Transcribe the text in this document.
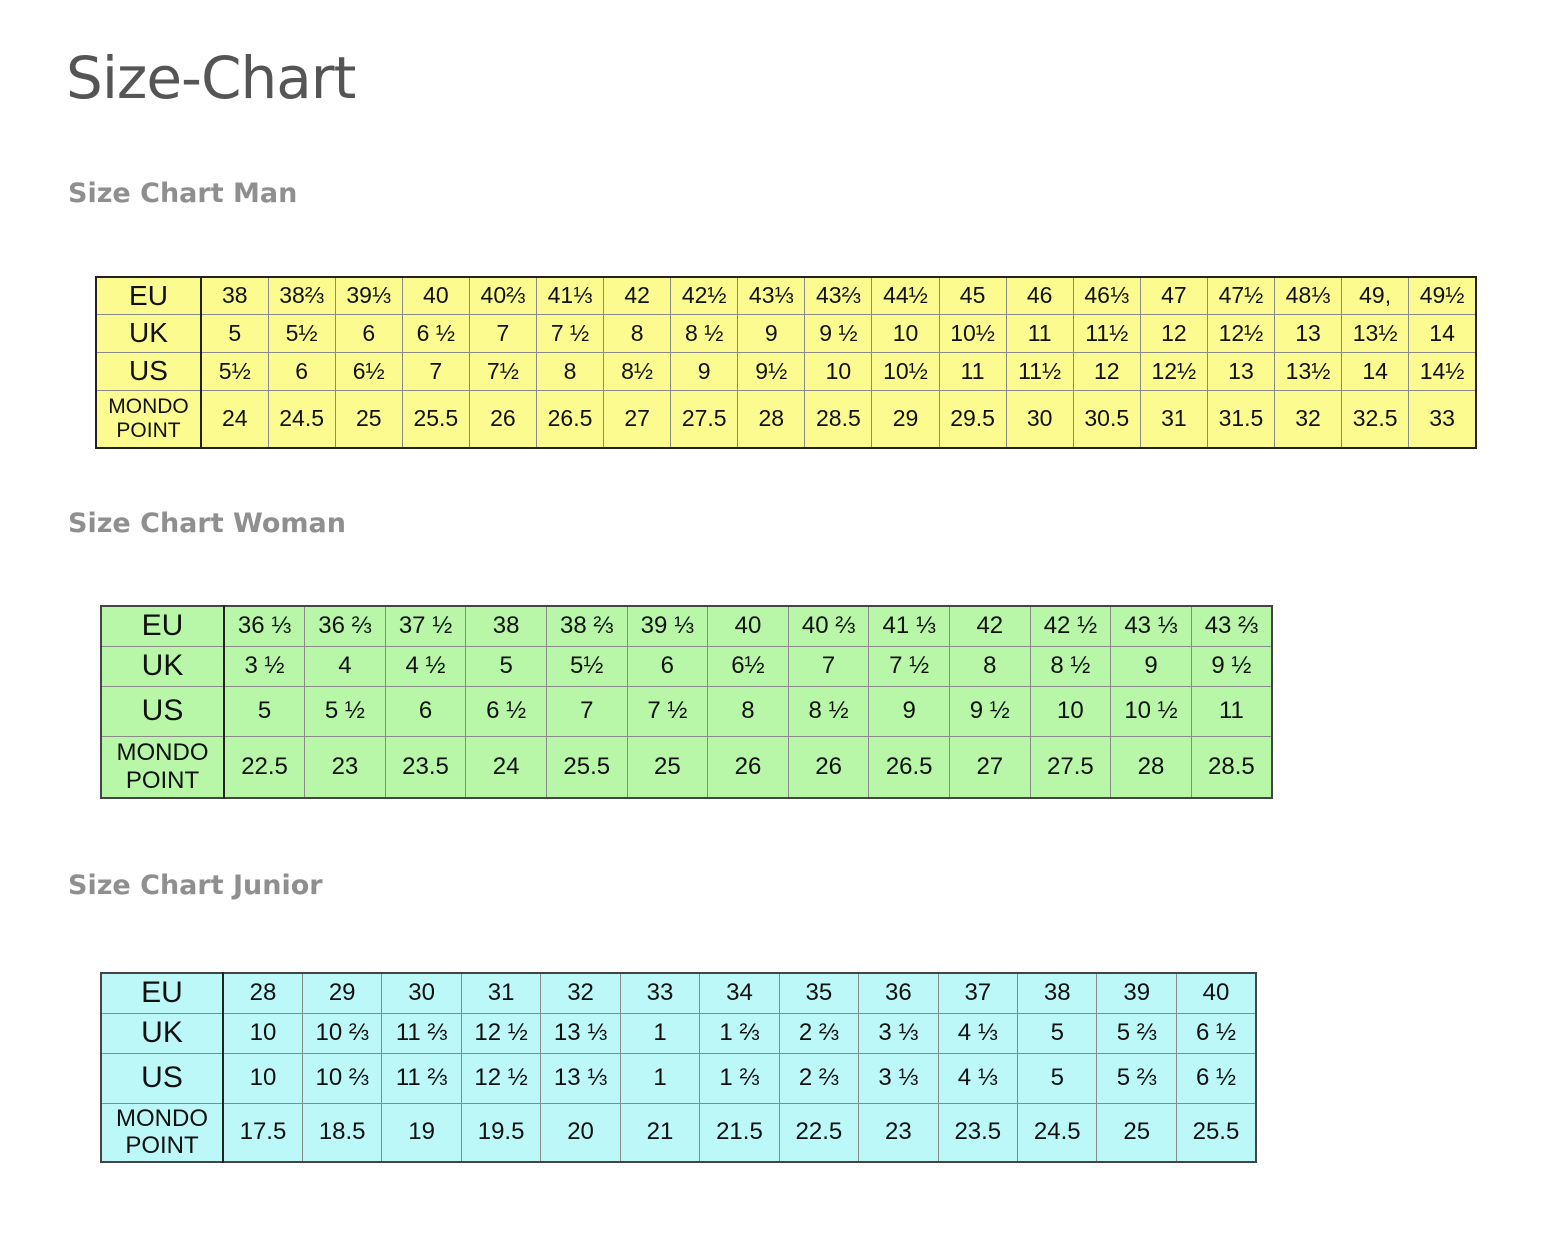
Size-Chart
Size Chart Man
EU	38	38⅔	39⅓	40	40⅔	41⅓	42	42½	43⅓	43⅔	44½	45	46	46⅓	47	47½	48⅓	49,	49½
UK	5	5½	6	6 ½	7	7 ½	8	8 ½	9	9 ½	10	10½	11	11½	12	12½	13	13½	14
US	5½	6	6½	7	7½	8	8½	9	9½	10	10½	11	11½	12	12½	13	13½	14	14½
MONDO POINT	24	24.5	25	25.5	26	26.5	27	27.5	28	28.5	29	29.5	30	30.5	31	31.5	32	32.5	33
Size Chart Woman
EU	36 ⅓	36 ⅔	37 ½	38	38 ⅔	39 ⅓	40	40 ⅔	41 ⅓	42	42 ½	43 ⅓	43 ⅔
UK	3 ½	4	4 ½	5	5½	6	6½	7	7 ½	8	8 ½	9	9 ½
US	5	5 ½	6	6 ½	7	7 ½	8	8 ½	9	9 ½	10	10 ½	11
MONDO POINT	22.5	23	23.5	24	25.5	25	26	26	26.5	27	27.5	28	28.5
Size Chart Junior
EU	28	29	30	31	32	33	34	35	36	37	38	39	40
UK	10	10 ⅔	11 ⅔	12 ½	13 ⅓	1	1 ⅔	2 ⅔	3 ⅓	4 ⅓	5	5 ⅔	6 ½
US	10	10 ⅔	11 ⅔	12 ½	13 ⅓	1	1 ⅔	2 ⅔	3 ⅓	4 ⅓	5	5 ⅔	6 ½
MONDO POINT	17.5	18.5	19	19.5	20	21	21.5	22.5	23	23.5	24.5	25	25.5
